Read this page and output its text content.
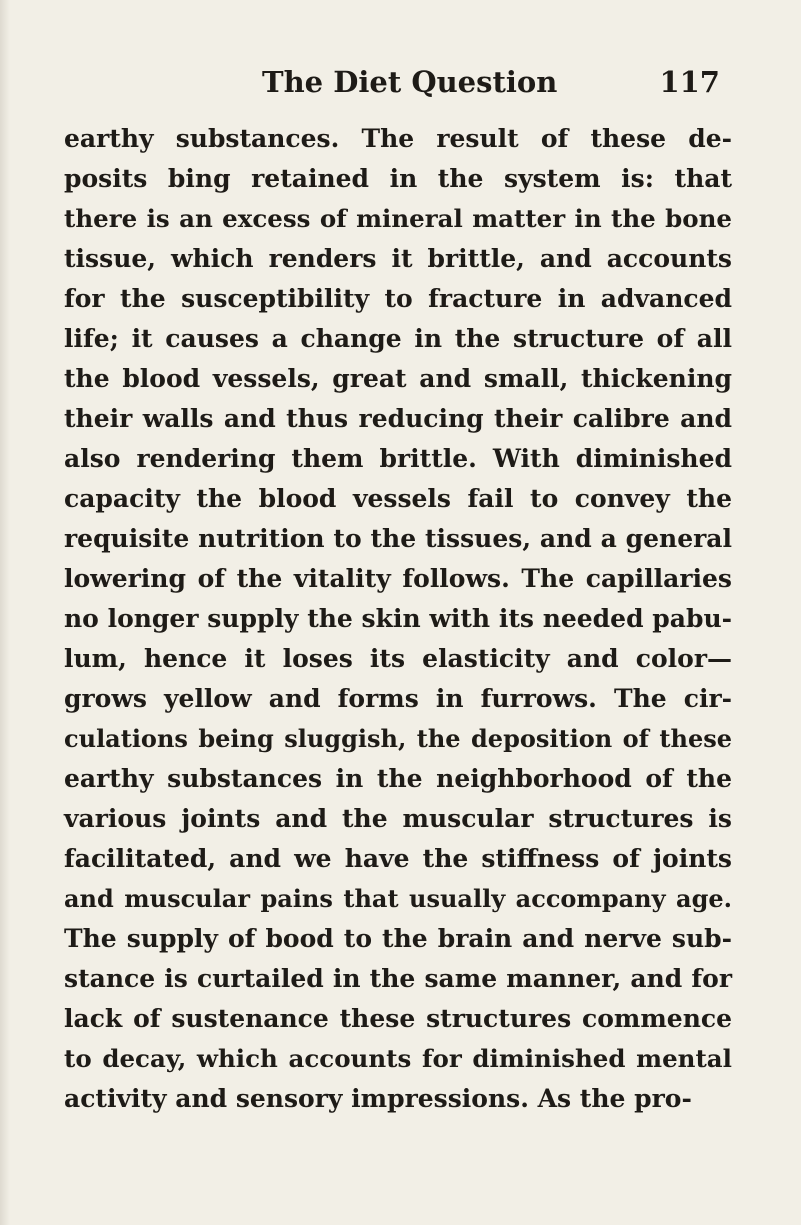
The Diet Question	117
earthy substances. The result of these de-
posits bing retained in the system is: that
there is an excess of mineral matter in the bone
tissue, which renders it brittle, and accounts
for the susceptibility to fracture in advanced
life; it causes a change in the structure of all
the blood vessels, great and small, thickening
their walls and thus reducing their calibre and
also rendering them brittle. With diminished
capacity the blood vessels fail to convey the
requisite nutrition to the tissues, and a general
lowering of the vitality follows. The capillaries
no longer supply the skin with its needed pabu-
lum, hence it loses its elasticity and color—
grows yellow and forms in furrows. The cir-
culations being sluggish, the deposition of these
earthy substances in the neighborhood of the
various joints and the muscular structures is
facilitated, and we have the stiffness of joints
and muscular pains that usually accompany age.
The supply of bood to the brain and nerve sub-
stance is curtailed in the same manner, and for
lack of sustenance these structures commence
to decay, which accounts for diminished mental
activity and sensory impressions. As the pro-
